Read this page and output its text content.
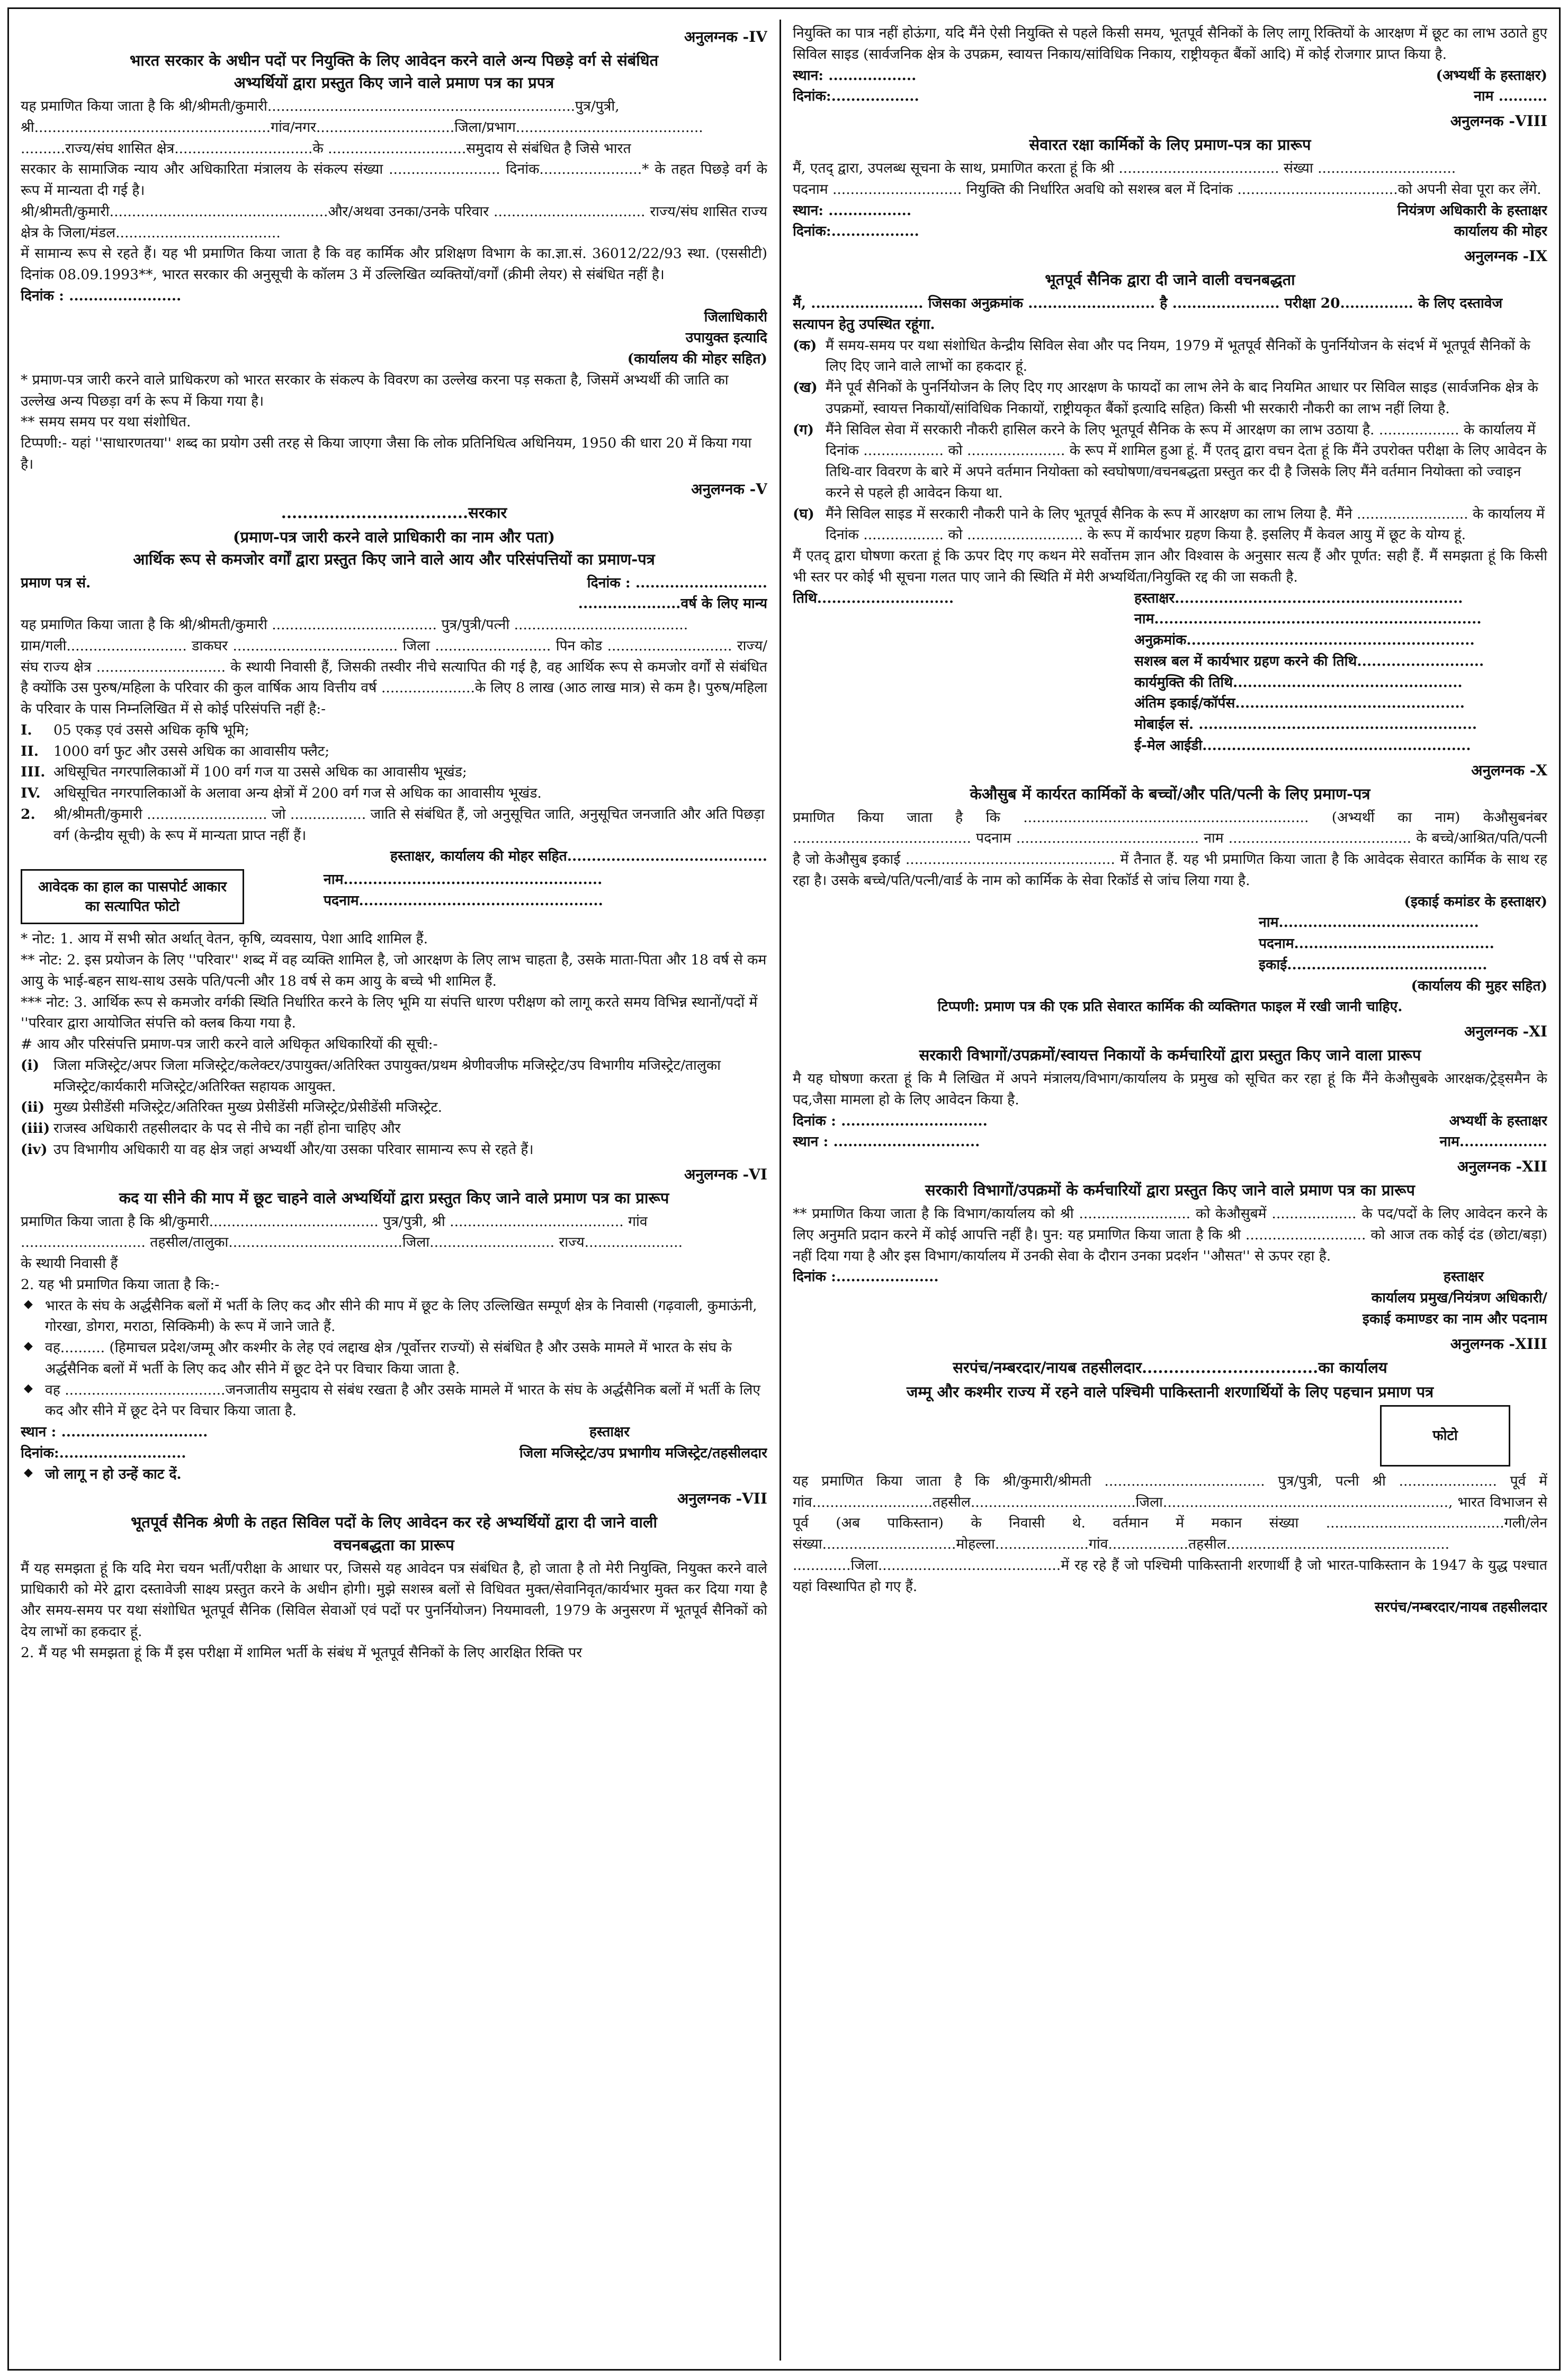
अनुलग्नक -IV

भारत सरकार के अधीन पदों पर नियुक्ति के लिए आवेदन करने वाले अन्य पिछड़े वर्ग से संबंधित
अभ्यर्थियों द्वारा प्रस्तुत किए जाने वाले प्रमाण पत्र का प्रपत्र

यह प्रमाणित किया जाता है कि श्री/श्रीमती/कुमारी.....................................................................पुत्र/पुत्री,

श्री.....................................................गांव/नगर...............................जिला/प्रभाग..........................................

..........राज्य/संघ शासित क्षेत्र...............................के ...............................समुदाय से संबंधित है जिसे भारत

सरकार के सामाजिक न्याय और अधिकारिता मंत्रालय के संकल्प संख्या ......................... दिनांक.......................* के तहत पिछड़े वर्ग के रूप में मान्यता दी गई है।

श्री/श्रीमती/कुमारी.................................................और/अथवा उनका/उनके परिवार .................................. राज्य/संघ शासित राज्य क्षेत्र के जिला/मंडल.....................................

में सामान्य रूप से रहते हैं। यह भी प्रमाणित किया जाता है कि वह कार्मिक और प्रशिक्षण विभाग के का.ज्ञा.सं. 36012/22/93 स्था. (एससीटी) दिनांक 08.09.1993**, भारत सरकार की अनुसूची के कॉलम 3 में उल्लिखित व्यक्तियों/वर्गों (क्रीमी लेयर) से संबंधित नहीं है।

दिनांक : .......................

जिलाधिकारी

उपायुक्त इत्यादि

(कार्यालय की मोहर सहित)

* प्रमाण-पत्र जारी करने वाले प्राधिकरण को भारत सरकार के संकल्प के विवरण का उल्लेख करना पड़ सकता है, जिसमें अभ्यर्थी की जाति का उल्लेख अन्य पिछड़ा वर्ग के रूप में किया गया है।

** समय समय पर यथा संशोधित.

टिप्पणी:- यहां ''साधारणतया'' शब्द का प्रयोग उसी तरह से किया जाएगा जैसा कि लोक प्रतिनिधित्व अधिनियम, 1950 की धारा 20 में किया गया है।

अनुलग्नक -V

...................................सरकार

(प्रमाण-पत्र जारी करने वाले प्राधिकारी का नाम और पता)
आर्थिक रूप से कमजोर वर्गों द्वारा प्रस्तुत किए जाने वाले आय और परिसंपत्तियों का प्रमाण-पत्र

प्रमाण पत्र सं.	दिनांक : ...........................

.....................वर्ष के लिए मान्य

यह प्रमाणित किया जाता है कि श्री/श्रीमती/कुमारी ..................................... पुत्र/पुत्री/पत्नी .......................................

ग्राम/गली........................... डाकघर ..................................... जिला .......................... पिन कोड ............................ राज्य/संघ राज्य क्षेत्र ............................. के स्थायी निवासी हैं, जिसकी तस्वीर नीचे सत्यापित की गई है, वह आर्थिक रूप से कमजोर वर्गों से संबंधित है क्योंकि उस पुरुष/महिला के परिवार की कुल वार्षिक आय वित्तीय वर्ष .....................के लिए 8 लाख (आठ लाख मात्र) से कम है। पुरुष/महिला के परिवार के पास निम्नलिखित में से कोई परिसंपत्ति नहीं है:-

I.	05 एकड़ एवं उससे अधिक कृषि भूमि;
II.	1000 वर्ग फुट और उससे अधिक का आवासीय फ्लैट;
III. अधिसूचित नगरपालिकाओं में 100 वर्ग गज या उससे अधिक का आवासीय भूखंड;
IV. अधिसूचित नगरपालिकाओं के अलावा अन्य क्षेत्रों में 200 वर्ग गज से अधिक का आवासीय भूखंड.
2.	श्री/श्रीमती/कुमारी ........................... जो ................. जाति से संबंधित हैं, जो अनुसूचित जाति, अनुसूचित जनजाति और अति पिछड़ा वर्ग (केन्द्रीय सूची) के रूप में मान्यता प्राप्त नहीं हैं।

हस्ताक्षर, कार्यालय की मोहर सहित.........................................

आवेदक का हाल का पासपोर्ट आकार का सत्यापित फोटो

नाम.....................................................

पदनाम..................................................

* नोट: 1. आय में सभी स्रोत अर्थात् वेतन, कृषि, व्यवसाय, पेशा आदि शामिल हैं.

** नोट: 2. इस प्रयोजन के लिए ''परिवार'' शब्द में वह व्यक्ति शामिल है, जो आरक्षण के लिए लाभ चाहता है, उसके माता-पिता और 18 वर्ष से कम आयु के भाई-बहन साथ-साथ उसके पति/पत्नी और 18 वर्ष से कम आयु के बच्चे भी शामिल हैं.

*** नोट: 3. आर्थिक रूप से कमजोर वर्गकी स्थिति निर्धारित करने के लिए भूमि या संपत्ति धारण परीक्षण को लागू करते समय विभिन्न स्थानों/पदों में ''परिवार द्वारा आयोजित संपत्ति को क्लब किया गया है.

# आय और परिसंपत्ति प्रमाण-पत्र जारी करने वाले अधिकृत अधिकारियों की सूची:-

(i)	जिला मजिस्ट्रेट/अपर जिला मजिस्ट्रेट/कलेक्टर/उपायुक्त/अतिरिक्त उपायुक्त/प्रथम श्रेणीवजीफ मजिस्ट्रेट/उप विभागीय मजिस्ट्रेट/तालुका मजिस्ट्रेट/कार्यकारी मजिस्ट्रेट/अतिरिक्त सहायक आयुक्त.
(ii) मुख्य प्रेसीडेंसी मजिस्ट्रेट/अतिरिक्त मुख्य प्रेसीडेंसी मजिस्ट्रेट/प्रेसीडेंसी मजिस्ट्रेट.
(iii) राजस्व अधिकारी तहसीलदार के पद से नीचे का नहीं होना चाहिए और
(iv) उप विभागीय अधिकारी या वह क्षेत्र जहां अभ्यर्थी और/या उसका परिवार सामान्य रूप से रहते हैं।

अनुलग्नक -VI

कद या सीने की माप में छूट चाहने वाले अभ्यर्थियों द्वारा प्रस्तुत किए जाने वाले प्रमाण पत्र का प्रारूप

प्रमाणित किया जाता है कि श्री/कुमारी...................................... पुत्र/पुत्री, श्री ....................................... गांव

............................ तहसील/तालुका.......................................जिला............................ राज्य......................

के स्थायी निवासी हैं

2. यह भी प्रमाणित किया जाता है कि:-

◆ भारत के संघ के अर्द्धसैनिक बलों में भर्ती के लिए कद और सीने की माप में छूट के लिए उल्लिखित सम्पूर्ण क्षेत्र के निवासी (गढ़वाली, कुमाऊंनी, गोरखा, डोगरा, मराठा, सिक्किमी) के रूप में जाने जाते हैं.
◆ वह.......... (हिमाचल प्रदेश/जम्मू और कश्मीर के लेह एवं लद्दाख क्षेत्र /पूर्वोत्तर राज्यों) से संबंधित है और उसके मामले में भारत के संघ के अर्द्धसैनिक बलों में भर्ती के लिए कद और सीने में छूट देने पर विचार किया जाता है.
◆ वह ....................................जनजातीय समुदाय से संबंध रखता है और उसके मामले में भारत के संघ के अर्द्धसैनिक बलों में भर्ती के लिए कद और सीने में छूट देने पर विचार किया जाता है.
स्थान : ..............................	हस्ताक्षर
दिनांक:..........................	जिला मजिस्ट्रेट/उप प्रभागीय मजिस्ट्रेट/तहसीलदार
◆ जो लागू न हो उन्हें काट दें.

अनुलग्नक -VII

भूतपूर्व सैनिक श्रेणी के तहत सिविल पदों के लिए आवेदन कर रहे अभ्यर्थियों द्वारा दी जाने वाली
वचनबद्धता का प्रारूप

मैं यह समझता हूं कि यदि मेरा चयन भर्ती/परीक्षा के आधार पर, जिससे यह आवेदन पत्र संबंधित है, हो जाता है तो मेरी नियुक्ति, नियुक्त करने वाले प्राधिकारी को मेरे द्वारा दस्तावेजी साक्ष्य प्रस्तुत करने के अधीन होगी। मुझे सशस्त्र बलों से विधिवत मुक्त/सेवानिवृत/कार्यभार मुक्त कर दिया गया है और समय-समय पर यथा संशोधित भूतपूर्व सैनिक (सिविल सेवाओं एवं पदों पर पुनर्नियोजन) नियमावली, 1979 के अनुसरण में भूतपूर्व सैनिकों को देय लाभों का हकदार हूं.

2. मैं यह भी समझता हूं कि मैं इस परीक्षा में शामिल भर्ती के संबंध में भूतपूर्व सैनिकों के लिए आरक्षित रिक्ति पर

नियुक्ति का पात्र नहीं होऊंगा, यदि मैंने ऐसी नियुक्ति से पहले किसी समय, भूतपूर्व सैनिकों के लिए लागू रिक्तियों के आरक्षण में छूट का लाभ उठाते हुए सिविल साइड (सार्वजनिक क्षेत्र के उपक्रम, स्वायत्त निकाय/सांविधिक निकाय, राष्ट्रीयकृत बैंकों आदि) में कोई रोजगार प्राप्त किया है.

स्थान: ..................	(अभ्यर्थी के हस्ताक्षर)
दिनांक:..................	नाम ..........

अनुलग्नक -VIII

सेवारत रक्षा कार्मिकों के लिए प्रमाण-पत्र का प्रारूप

मैं, एतद् द्वारा, उपलब्ध सूचना के साथ, प्रमाणित करता हूं कि श्री .................................... संख्या ...............................

पदनाम ............................. नियुक्ति की निर्धारित अवधि को सशस्त्र बल में दिनांक ....................................को अपनी सेवा पूरा कर लेंगे.

स्थान: .................	नियंत्रण अधिकारी के हस्ताक्षर
दिनांक:..................	कार्यालय की मोहर

अनुलग्नक -IX

भूतपूर्व सैनिक द्वारा दी जाने वाली वचनबद्धता

मैं, ....................... जिसका अनुक्रमांक .......................... है ...................... परीक्षा 20............... के लिए दस्तावेज सत्यापन हेतु उपस्थित रहूंगा.

(क) मैं समय-समय पर यथा संशोधित केन्द्रीय सिविल सेवा और पद नियम, 1979 में भूतपूर्व सैनिकों के पुनर्नियोजन के संदर्भ में भूतपूर्व सैनिकों के लिए दिए जाने वाले लाभों का हकदार हूं.
(ख) मैंने पूर्व सैनिकों के पुनर्नियोजन के लिए दिए गए आरक्षण के फायदों का लाभ लेने के बाद नियमित आधार पर सिविल साइड (सार्वजनिक क्षेत्र के उपक्रमों, स्वायत्त निकायों/सांविधिक निकायों, राष्ट्रीयकृत बैंकों इत्यादि सहित) किसी भी सरकारी नौकरी का लाभ नहीं लिया है.
(ग) मैंने सिविल सेवा में सरकारी नौकरी हासिल करने के लिए भूतपूर्व सैनिक के रूप में आरक्षण का लाभ उठाया है. .................. के कार्यालय में दिनांक .................. को ...................... के रूप में शामिल हुआ हूं. मैं एतद् द्वारा वचन देता हूं कि मैंने उपरोक्त परीक्षा के लिए आवेदन के तिथि-वार विवरण के बारे में अपने वर्तमान नियोक्ता को स्वघोषणा/वचनबद्धता प्रस्तुत कर दी है जिसके लिए मैंने वर्तमान नियोक्ता को ज्वाइन करने से पहले ही आवेदन किया था.
(घ) मैंने सिविल साइड में सरकारी नौकरी पाने के लिए भूतपूर्व सैनिक के रूप में आरक्षण का लाभ लिया है. मैंने ......................... के कार्यालय में दिनांक .................. को .......................... के रूप में कार्यभार ग्रहण किया है. इसलिए मैं केवल आयु में छूट के योग्य हूं.

मैं एतद् द्वारा घोषणा करता हूं कि ऊपर दिए गए कथन मेरे सर्वोत्तम ज्ञान और विश्वास के अनुसार सत्य हैं और पूर्णत: सही हैं. मैं समझता हूं कि किसी भी स्तर पर कोई भी सूचना गलत पाए जाने की स्थिति में मेरी अभ्यर्थिता/नियुक्ति रद्द की जा सकती है.

तिथि............................	हस्ताक्षर...........................................................

नाम...................................................................

अनुक्रमांक...........................................................

सशस्त्र बल में कार्यभार ग्रहण करने की तिथि..........................

कार्यमुक्ति की तिथि...............................................

अंतिम इकाई/कॉर्पस...............................................

मोबाईल सं. .........................................................

ई-मेल आईडी.......................................................

अनुलग्नक -X

केऔसुब में कार्यरत कार्मिकों के बच्चों/और पति/पत्नी के लिए प्रमाण-पत्र

प्रमाणित किया जाता है कि ................................................................ (अभ्यर्थी का नाम) केऔसुबनंबर ........................................ पदनाम ......................................... नाम ......................................... के बच्चे/आश्रित/पति/पत्नी है जो केऔसुब इकाई ............................................... में तैनात हैं. यह भी प्रमाणित किया जाता है कि आवेदक सेवारत कार्मिक के साथ रह रहा है। उसके बच्चे/पति/पत्नी/वार्ड के नाम को कार्मिक के सेवा रिकॉर्ड से जांच लिया गया है.

(इकाई कमांडर के हस्ताक्षर)

नाम.........................................

पदनाम.........................................

इकाई.........................................

(कार्यालय की मुहर सहित)

टिप्पणी: प्रमाण पत्र की एक प्रति सेवारत कार्मिक की व्यक्तिगत फाइल में रखी जानी चाहिए.

अनुलग्नक -XI

सरकारी विभागों/उपक्रमों/स्वायत्त निकायों के कर्मचारियों द्वारा प्रस्तुत किए जाने वाला प्रारूप

मै यह घोषणा करता हूं कि मै लिखित में अपने मंत्रालय/विभाग/कार्यालय के प्रमुख को सूचित कर रहा हूं कि मैंने केऔसुबके आरक्षक/ट्रेड्समैन के पद,जैसा मामला हो के लिए आवेदन किया है.

दिनांक : ..............................	अभ्यर्थी के हस्ताक्षर
स्थान : ..............................	नाम..................

अनुलग्नक -XII

सरकारी विभागों/उपक्रमों के कर्मचारियों द्वारा प्रस्तुत किए जाने वाले प्रमाण पत्र का प्रारूप

** प्रमाणित किया जाता है कि विभाग/कार्यालय को श्री ......................... को केऔसुबमें ................... के पद/पदों के लिए आवेदन करने के लिए अनुमति प्रदान करने में कोई आपत्ति नहीं है। पुन: यह प्रमाणित किया जाता है कि श्री ........................... को आज तक कोई दंड (छोटा/बड़ा) नहीं दिया गया है और इस विभाग/कार्यालय में उनकी सेवा के दौरान उनका प्रदर्शन ''औसत'' से ऊपर रहा है.

दिनांक :.....................	हस्ताक्षर

कार्यालय प्रमुख/नियंत्रण अधिकारी/

इकाई कमाण्डर का नाम और पदनाम

अनुलग्नक -XIII

सरपंच/नम्बरदार/नायब तहसीलदार.................................का कार्यालय

जम्मू और कश्मीर राज्य में रहने वाले पश्चिमी पाकिस्तानी शरणार्थियों के लिए पहचान प्रमाण पत्र

फोटो

यह प्रमाणित किया जाता है कि श्री/कुमारी/श्रीमती .................................... पुत्र/पुत्री, पत्नी श्री ...................... पूर्व में गांव...........................तहसील.....................................जिला................................................................, भारत विभाजन से पूर्व (अब पाकिस्तान) के निवासी थे. वर्तमान में मकान संख्या ........................................गली/लेन संख्या..............................मोहल्ला.....................गांव..................तहसील.................................................. .............जिला.........................................में रह रहे हैं जो पश्चिमी पाकिस्तानी शरणार्थी है जो भारत-पाकिस्तान के 1947 के युद्ध पश्चात यहां विस्थापित हो गए हैं.

सरपंच/नम्बरदार/नायब तहसीलदार
